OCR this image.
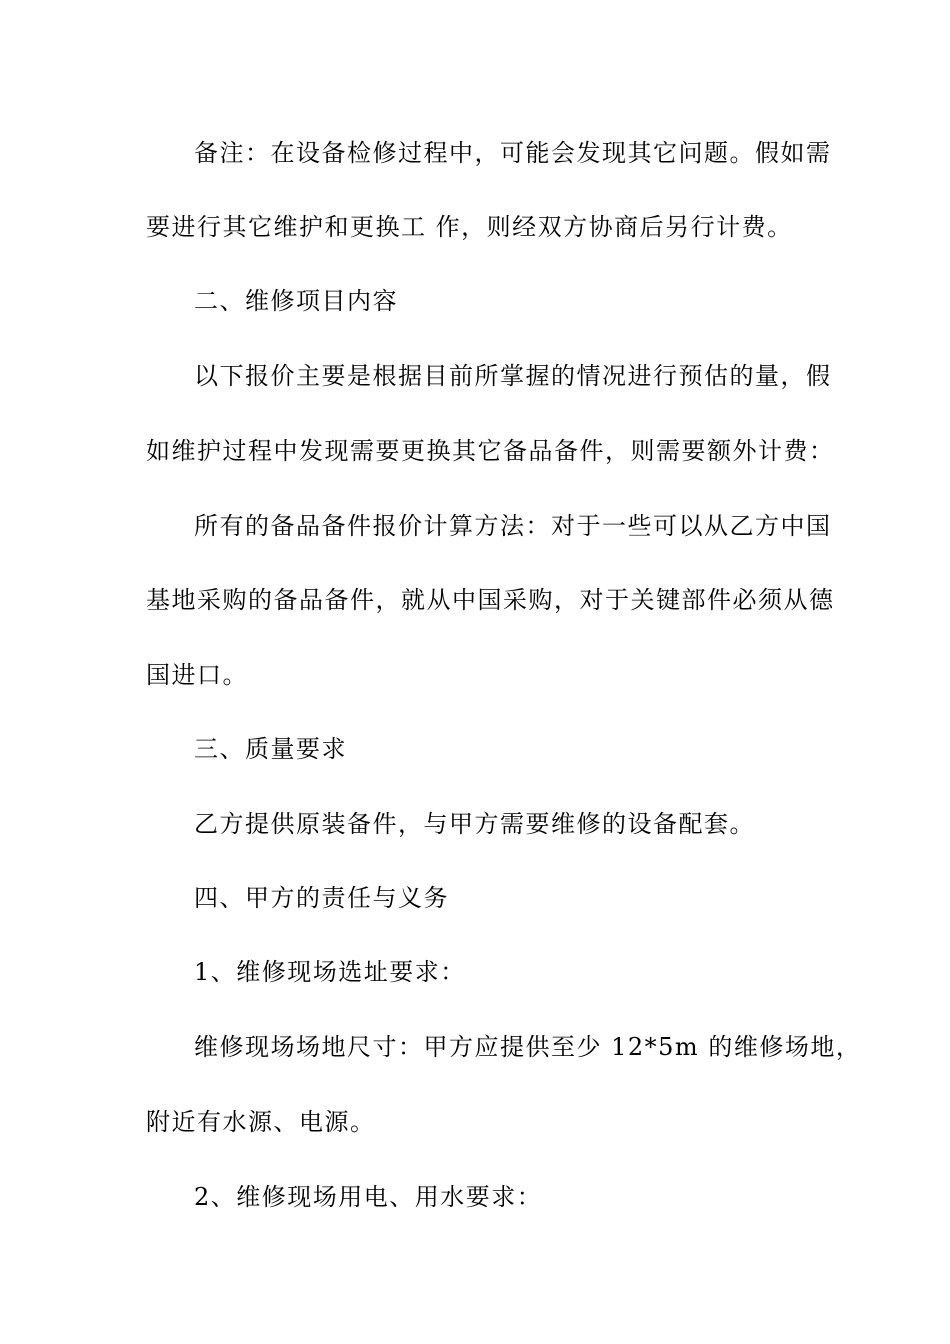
备注：在设备检修过程中，可能会发现其它问题。假如需
要进行其它维护和更换工 作，则经双方协商后另行计费。
二、维修项目内容
以下报价主要是根据目前所掌握的情况进行预估的量，假
如维护过程中发现需要更换其它备品备件，则需要额外计费：
所有的备品备件报价计算方法：对于一些可以从乙方中国
基地采购的备品备件，就从中国采购，对于关键部件必须从德
国进口。
三、质量要求
乙方提供原装备件，与甲方需要维修的设备配套。
四、甲方的责任与义务
1、维修现场选址要求：
维修现场场地尺寸：甲方应提供至少 12*5m 的维修场地，
附近有水源、电源。
2、维修现场用电、用水要求：
